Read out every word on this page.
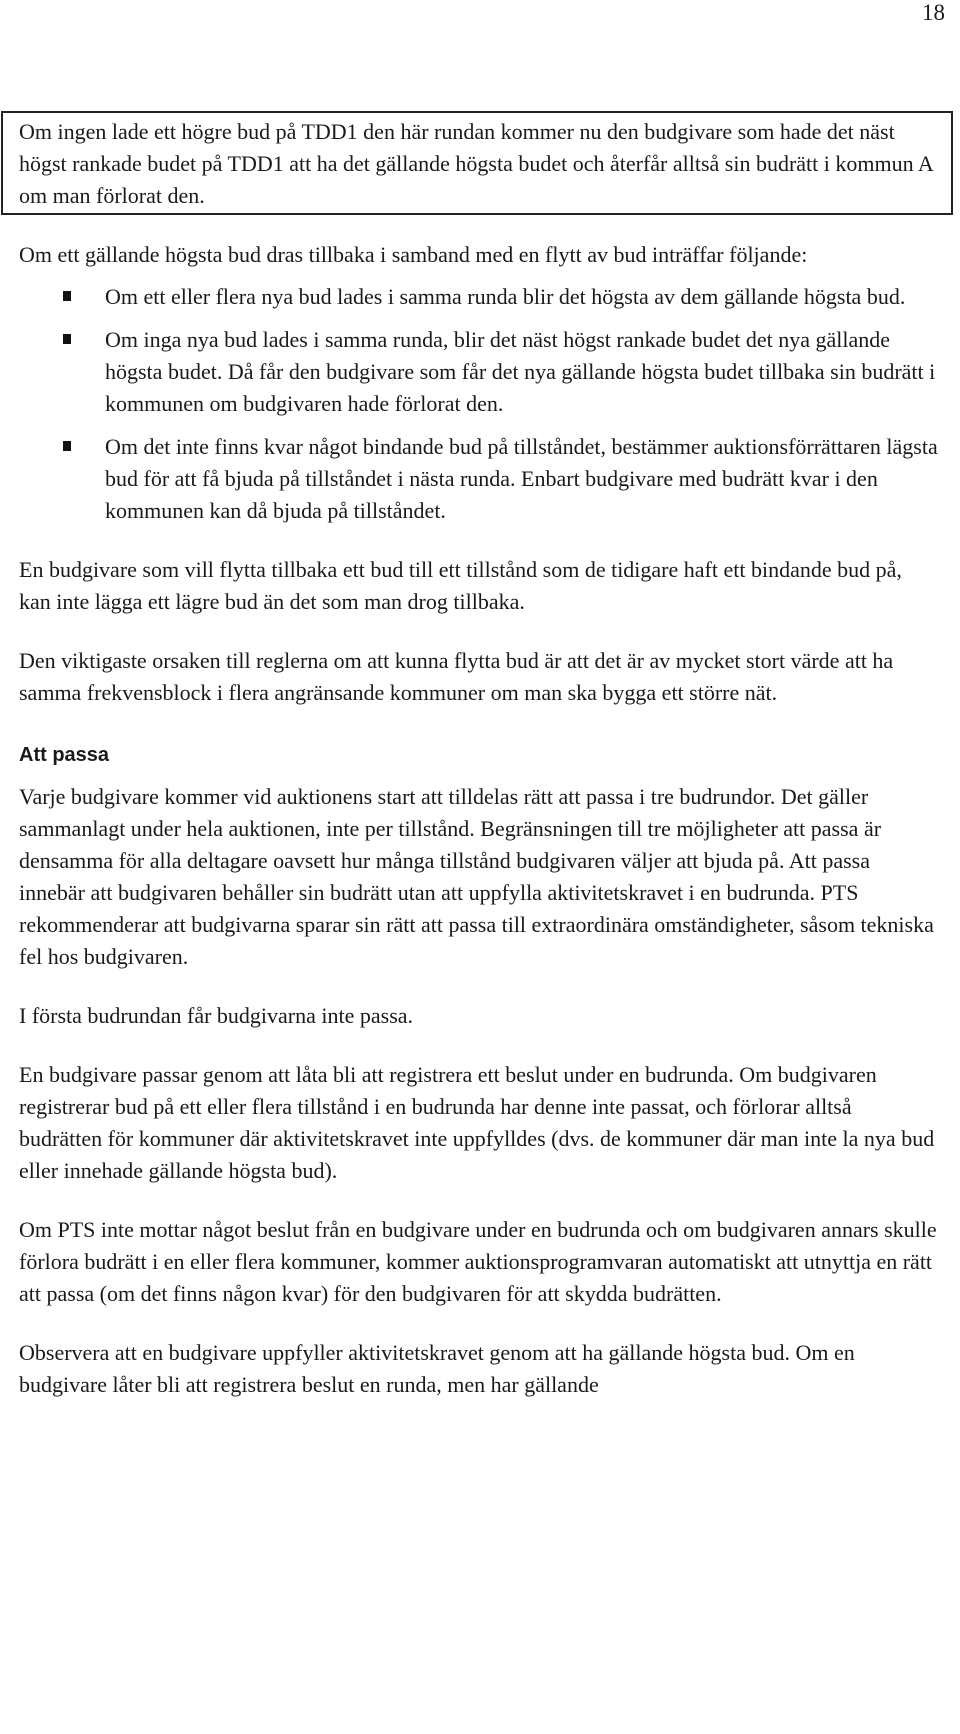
18

Om ingen lade ett högre bud på TDD1 den här rundan kommer nu den budgivare som hade det näst högst rankade budet på TDD1 att ha det gällande högsta budet och återfår alltså sin budrätt i kommun A om man förlorat den.

Om ett gällande högsta bud dras tillbaka i samband med en flytt av bud inträffar följande:

Om ett eller flera nya bud lades i samma runda blir det högsta av dem gällande högsta bud.
Om inga nya bud lades i samma runda, blir det näst högst rankade budet det nya gällande högsta budet. Då får den budgivare som får det nya gällande högsta budet tillbaka sin budrätt i kommunen om budgivaren hade förlorat den.
Om det inte finns kvar något bindande bud på tillståndet, bestämmer auktionsförrättaren lägsta bud för att få bjuda på tillståndet i nästa runda. Enbart budgivare med budrätt kvar i den kommunen kan då bjuda på tillståndet.

En budgivare som vill flytta tillbaka ett bud till ett tillstånd som de tidigare haft ett bindande bud på, kan inte lägga ett lägre bud än det som man drog tillbaka.

Den viktigaste orsaken till reglerna om att kunna flytta bud är att det är av mycket stort värde att ha samma frekvensblock i flera angränsande kommuner om man ska bygga ett större nät.

Att passa

Varje budgivare kommer vid auktionens start att tilldelas rätt att passa i tre budrundor. Det gäller sammanlagt under hela auktionen, inte per tillstånd. Begränsningen till tre möjligheter att passa är densamma för alla deltagare oavsett hur många tillstånd budgivaren väljer att bjuda på. Att passa innebär att budgivaren behåller sin budrätt utan att uppfylla aktivitetskravet i en budrunda. PTS rekommenderar att budgivarna sparar sin rätt att passa till extraordinära omständigheter, såsom tekniska fel hos budgivaren.

I första budrundan får budgivarna inte passa.

En budgivare passar genom att låta bli att registrera ett beslut under en budrunda. Om budgivaren registrerar bud på ett eller flera tillstånd i en budrunda har denne inte passat, och förlorar alltså budrätten för kommuner där aktivitetskravet inte uppfylldes (dvs. de kommuner där man inte la nya bud eller innehade gällande högsta bud).

Om PTS inte mottar något beslut från en budgivare under en budrunda och om budgivaren annars skulle förlora budrätt i en eller flera kommuner, kommer auktionsprogramvaran automatiskt att utnyttja en rätt att passa (om det finns någon kvar) för den budgivaren för att skydda budrätten.

Observera att en budgivare uppfyller aktivitetskravet genom att ha gällande högsta bud. Om en budgivare låter bli att registrera beslut en runda, men har gällande
